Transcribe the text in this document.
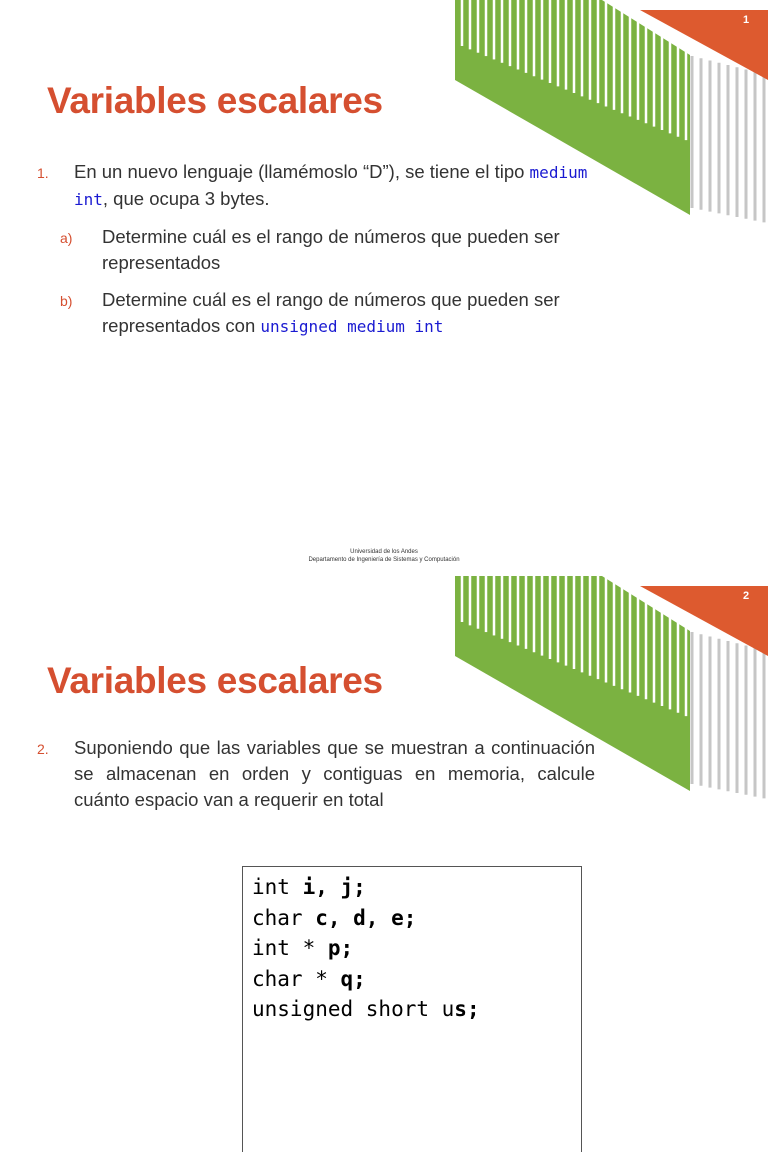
1
Variables escalares
1. En un nuevo lenguaje (llamémoslo “D”), se tiene el tipo medium int, que ocupa 3 bytes.
a) Determine cuál es el rango de números que pueden ser representados
b) Determine cuál es el rango de números que pueden ser representados con unsigned medium int
Universidad de los Andes
Departamento de Ingeniería de Sistemas y Computación
2
Variables escalares
2. Suponiendo que las variables que se muestran a continuación se almacenan en orden y contiguas en memoria, calcule cuánto espacio van a requerir en total
int i, j;
char c, d, e;
int * p;
char * q;
unsigned short us;
